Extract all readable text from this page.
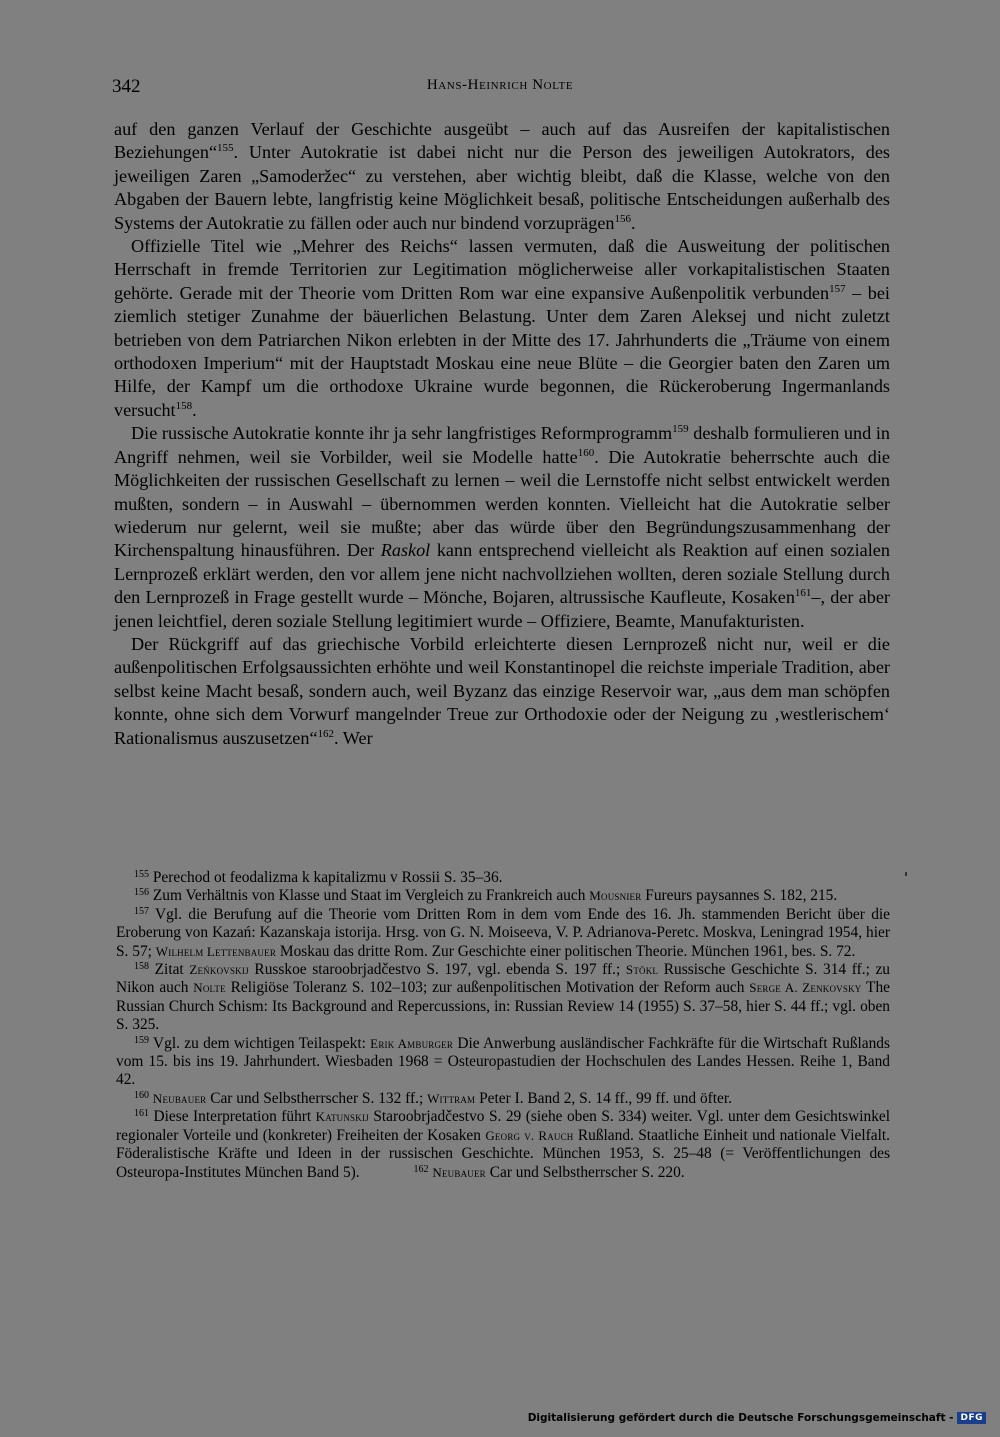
342	Hans-Heinrich Nolte

auf den ganzen Verlauf der Geschichte ausgeübt – auch auf das Ausreifen der kapitalistischen Beziehungen“$^{155}$. Unter Autokratie ist dabei nicht nur die Person des jeweiligen Autokrators, des jeweiligen Zaren „Samoderžec“ zu verstehen, aber wichtig bleibt, daß die Klasse, welche von den Abgaben der Bauern lebte, langfristig keine Möglichkeit besaß, politische Entscheidungen außerhalb des Systems der Autokratie zu fällen oder auch nur bindend vorzuprägen$^{156}$.

Offizielle Titel wie „Mehrer des Reichs“ lassen vermuten, daß die Ausweitung der politischen Herrschaft in fremde Territorien zur Legitimation möglicherweise aller vorkapitalistischen Staaten gehörte. Gerade mit der Theorie vom Dritten Rom war eine expansive Außenpolitik verbunden$^{157}$ – bei ziemlich stetiger Zunahme der bäuerlichen Belastung. Unter dem Zaren Aleksej und nicht zuletzt betrieben von dem Patriarchen Nikon erlebten in der Mitte des 17. Jahrhunderts die „Träume von einem orthodoxen Imperium“ mit der Hauptstadt Moskau eine neue Blüte – die Georgier baten den Zaren um Hilfe, der Kampf um die orthodoxe Ukraine wurde begonnen, die Rückeroberung Ingermanlands versucht$^{158}$.

Die russische Autokratie konnte ihr ja sehr langfristiges Reformprogramm$^{159}$ deshalb formulieren und in Angriff nehmen, weil sie Vorbilder, weil sie Modelle hatte$^{160}$. Die Autokratie beherrschte auch die Möglichkeiten der russischen Gesellschaft zu lernen – weil die Lernstoffe nicht selbst entwickelt werden mußten, sondern – in Auswahl – übernommen werden konnten. Vielleicht hat die Autokratie selber wiederum nur gelernt, weil sie mußte; aber das würde über den Begründungszusammenhang der Kirchenspaltung hinausführen. Der Raskol kann entsprechend vielleicht als Reaktion auf einen sozialen Lernprozeß erklärt werden, den vor allem jene nicht nachvollziehen wollten, deren soziale Stellung durch den Lernprozeß in Frage gestellt wurde – Mönche, Bojaren, altrussische Kaufleute, Kosaken$^{161}$–, der aber jenen leichtfiel, deren soziale Stellung legitimiert wurde – Offiziere, Beamte, Manufakturisten.

Der Rückgriff auf das griechische Vorbild erleichterte diesen Lernprozeß nicht nur, weil er die außenpolitischen Erfolgsaussichten erhöhte und weil Konstantinopel die reichste imperiale Tradition, aber selbst keine Macht besaß, sondern auch, weil Byzanz das einzige Reservoir war, „aus dem man schöpfen konnte, ohne sich dem Vorwurf mangelnder Treue zur Orthodoxie oder der Neigung zu ‚westlerischem‘ Rationalismus auszusetzen“$^{162}$. Wer

$^{155}$ Perechod ot feodalizma k kapitalizmu v Rossii S. 35–36.

$^{156}$ Zum Verhältnis von Klasse und Staat im Vergleich zu Frankreich auch Mousnier Fureurs paysannes S. 182, 215.

$^{157}$ Vgl. die Berufung auf die Theorie vom Dritten Rom in dem vom Ende des 16. Jh. stammenden Bericht über die Eroberung von Kazań: Kazanskaja istorija. Hrsg. von G. N. Moiseeva, V. P. Adrianova-Peretc. Moskva, Leningrad 1954, hier S. 57; Wilhelm Lettenbauer Moskau das dritte Rom. Zur Geschichte einer politischen Theorie. München 1961, bes. S. 72.

$^{158}$ Zitat Zeńkovskij Russkoe staroobrjadčestvo S. 197, vgl. ebenda S. 197 ff.; Stökl Russische Geschichte S. 314 ff.; zu Nikon auch Nolte Religiöse Toleranz S. 102–103; zur außenpolitischen Motivation der Reform auch Serge A. Zenkovsky The Russian Church Schism: Its Background and Repercussions, in: Russian Review 14 (1955) S. 37–58, hier S. 44 ff.; vgl. oben S. 325.

$^{159}$ Vgl. zu dem wichtigen Teilaspekt: Erik Amburger Die Anwerbung ausländischer Fachkräfte für die Wirtschaft Rußlands vom 15. bis ins 19. Jahrhundert. Wiesbaden 1968 = Osteuropastudien der Hochschulen des Landes Hessen. Reihe 1, Band 42.

$^{160}$ Neubauer Car und Selbstherrscher S. 132 ff.; Wittram Peter I. Band 2, S. 14 ff., 99 ff. und öfter.

$^{161}$ Diese Interpretation führt Katunskij Staroobrjadčestvo S. 29 (siehe oben S. 334) weiter. Vgl. unter dem Gesichtswinkel regionaler Vorteile und (konkreter) Freiheiten der Kosaken Georg v. Rauch Rußland. Staatliche Einheit und nationale Vielfalt. Föderalistische Kräfte und Ideen in der russischen Geschichte. München 1953, S. 25–48 (= Veröffentlichungen des Osteuropa-Institutes München Band 5).              $^{162}$ Neubauer Car und Selbstherrscher S. 220.

Digitalisierung gefördert durch die Deutsche Forschungsgemeinschaft - DFG
